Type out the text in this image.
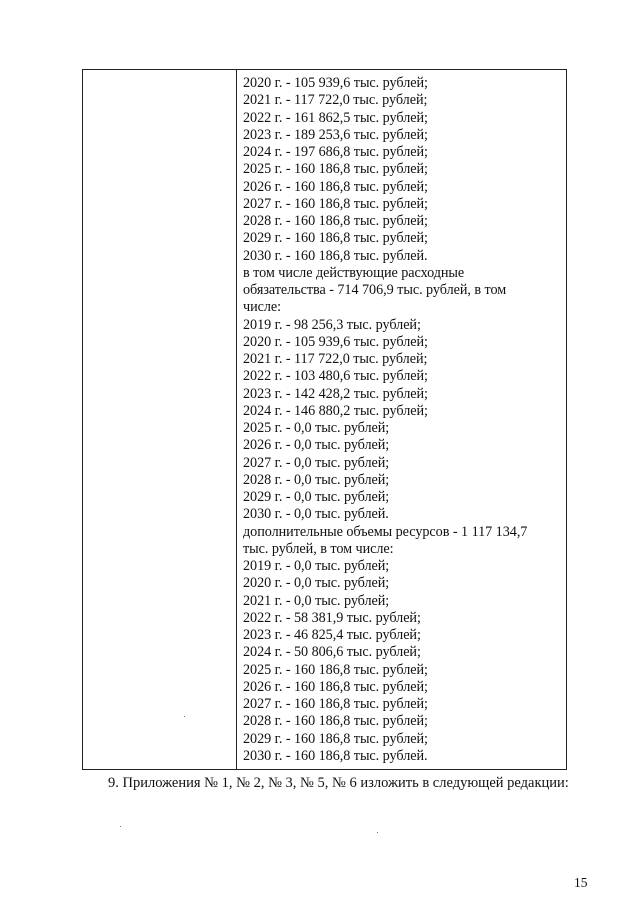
2020 г. - 105 939,6 тыс. рублей;
2021 г. - 117 722,0 тыс. рублей;
2022 г. - 161 862,5 тыс. рублей;
2023 г. - 189 253,6 тыс. рублей;
2024 г. - 197 686,8 тыс. рублей;
2025 г. - 160 186,8 тыс. рублей;
2026 г. - 160 186,8 тыс. рублей;
2027 г. - 160 186,8 тыс. рублей;
2028 г. - 160 186,8 тыс. рублей;
2029 г. - 160 186,8 тыс. рублей;
2030 г. - 160 186,8 тыс. рублей.
в том числе действующие расходные
обязательства - 714 706,9 тыс. рублей, в том
числе:
2019 г. - 98 256,3 тыс. рублей;
2020 г. - 105 939,6 тыс. рублей;
2021 г. - 117 722,0 тыс. рублей;
2022 г. - 103 480,6 тыс. рублей;
2023 г. - 142 428,2 тыс. рублей;
2024 г. - 146 880,2 тыс. рублей;
2025 г. - 0,0 тыс. рублей;
2026 г. - 0,0 тыс. рублей;
2027 г. - 0,0 тыс. рублей;
2028 г. - 0,0 тыс. рублей;
2029 г. - 0,0 тыс. рублей;
2030 г. - 0,0 тыс. рублей.
дополнительные объемы ресурсов - 1 117 134,7
тыс. рублей, в том числе:
2019 г. - 0,0 тыс. рублей;
2020 г. - 0,0 тыс. рублей;
2021 г. - 0,0 тыс. рублей;
2022 г. - 58 381,9 тыс. рублей;
2023 г. - 46 825,4 тыс. рублей;
2024 г. - 50 806,6 тыс. рублей;
2025 г. - 160 186,8 тыс. рублей;
2026 г. - 160 186,8 тыс. рублей;
2027 г. - 160 186,8 тыс. рублей;
2028 г. - 160 186,8 тыс. рублей;
2029 г. - 160 186,8 тыс. рублей;
2030 г. - 160 186,8 тыс. рублей.
9. Приложения № 1, № 2, № 3, № 5, № 6 изложить в следующей редакции:
15
